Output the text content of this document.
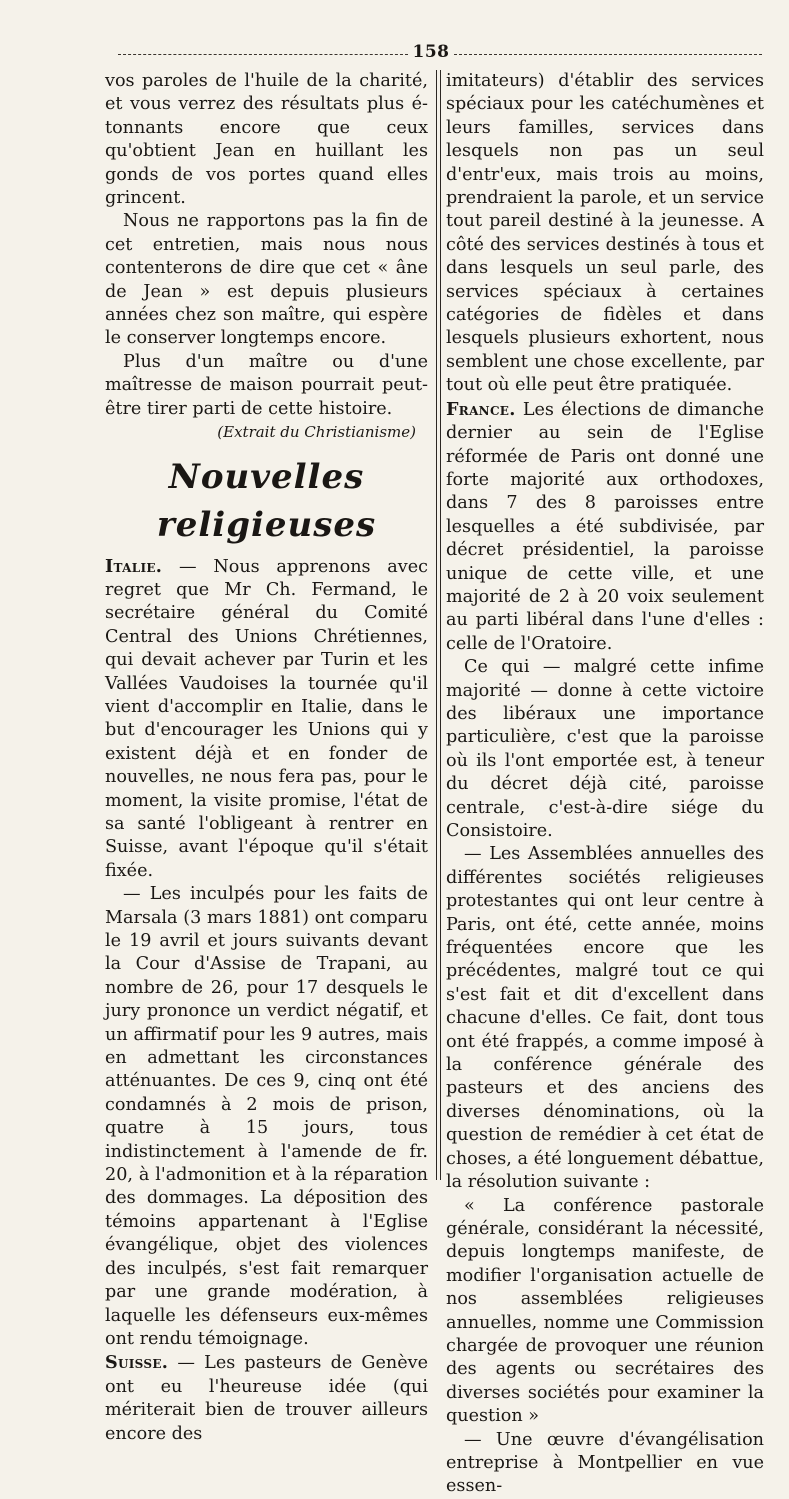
158

vos paroles de l'huile de la charité, et vous verrez des résultats plus é-tonnants encore que ceux qu'obtient Jean en huillant les gonds de vos portes quand elles grincent.

Nous ne rapportons pas la fin de cet entretien, mais nous nous contenterons de dire que cet « âne de Jean » est depuis plusieurs années chez son maître, qui espère le conserver longtemps encore.

Plus d'un maître ou d'une maîtresse de maison pourrait peut-être tirer parti de cette histoire.

(Extrait du Christianisme)
Nouvelles religieuses

Italie. — Nous apprenons avec regret que Mr Ch. Fermand, le secrétaire général du Comité Central des Unions Chrétiennes, qui devait achever par Turin et les Vallées Vaudoises la tournée qu'il vient d'accomplir en Italie, dans le but d'encourager les Unions qui y existent déjà et en fonder de nouvelles, ne nous fera pas, pour le moment, la visite promise, l'état de sa santé l'obligeant à rentrer en Suisse, avant l'époque qu'il s'était fixée.

— Les inculpés pour les faits de Marsala (3 mars 1881) ont comparu le 19 avril et jours suivants devant la Cour d'Assise de Trapani, au nombre de 26, pour 17 desquels le jury prononce un verdict négatif, et un affirmatif pour les 9 autres, mais en admettant les circonstances atténuantes. De ces 9, cinq ont été condamnés à 2 mois de prison, quatre à 15 jours, tous indistinctement à l'amende de fr. 20, à l'admonition et à la réparation des dommages. La déposition des témoins appartenant à l'Eglise évangélique, objet des violences des inculpés, s'est fait remarquer par une grande modération, à laquelle les défenseurs eux-mêmes ont rendu témoignage.

Suisse. — Les pasteurs de Genève ont eu l'heureuse idée (qui mériterait bien de trouver ailleurs encore des

imitateurs) d'établir des services spéciaux pour les catéchumènes et leurs familles, services dans lesquels non pas un seul d'entr'eux, mais trois au moins, prendraient la parole, et un service tout pareil destiné à la jeunesse. A côté des services destinés à tous et dans lesquels un seul parle, des services spéciaux à certaines catégories de fidèles et dans lesquels plusieurs exhortent, nous semblent une chose excellente, par tout où elle peut être pratiquée.

France. Les élections de dimanche dernier au sein de l'Eglise réformée de Paris ont donné une forte majorité aux orthodoxes, dans 7 des 8 paroisses entre lesquelles a été subdivisée, par décret présidentiel, la paroisse unique de cette ville, et une majorité de 2 à 20 voix seulement au parti libéral dans l'une d'elles : celle de l'Oratoire.

Ce qui — malgré cette infime majorité — donne à cette victoire des libéraux une importance particulière, c'est que la paroisse où ils l'ont emportée est, à teneur du décret déjà cité, paroisse centrale, c'est-à-dire siége du Consistoire.

— Les Assemblées annuelles des différentes sociétés religieuses protestantes qui ont leur centre à Paris, ont été, cette année, moins fréquentées encore que les précédentes, malgré tout ce qui s'est fait et dit d'excellent dans chacune d'elles. Ce fait, dont tous ont été frappés, a comme imposé à la conférence générale des pasteurs et des anciens des diverses dénominations, où la question de remédier à cet état de choses, a été longuement débattue, la résolution suivante :

« La conférence pastorale générale, considérant la nécessité, depuis longtemps manifeste, de modifier l'organisation actuelle de nos assemblées religieuses annuelles, nomme une Commission chargée de provoquer une réunion des agents ou secrétaires des diverses sociétés pour examiner la question »

— Une œuvre d'évangélisation entreprise à Montpellier en vue essen-
